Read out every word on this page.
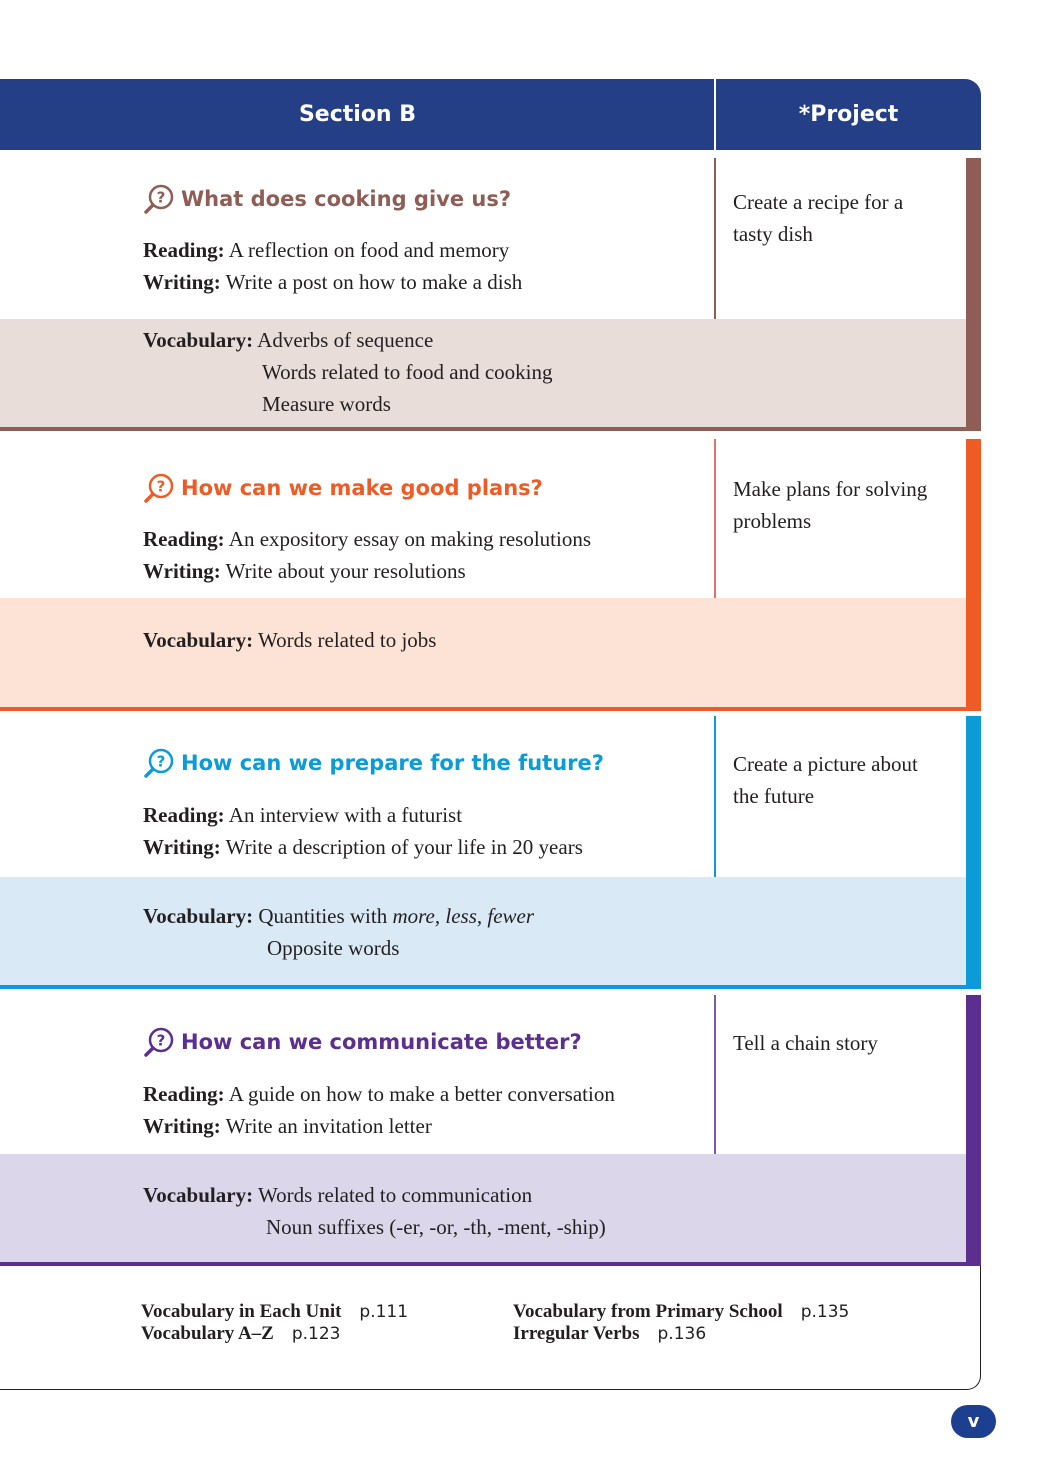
Section B	*Project
? What does cooking give us?
Reading: A reflection on food and memory
Writing: Write a post on how to make a dish
Create a recipe for a
tasty dish
Vocabulary: Adverbs of sequence
Words related to food and cooking
Measure words
? How can we make good plans?
Reading: An expository essay on making resolutions
Writing: Write about your resolutions
Make plans for solving
problems
Vocabulary: Words related to jobs
? How can we prepare for the future?
Reading: An interview with a futurist
Writing: Write a description of your life in 20 years
Create a picture about
the future
Vocabulary: Quantities with more, less, fewer
Opposite words
? How can we communicate better?
Reading: A guide on how to make a better conversation
Writing: Write an invitation letter
Tell a chain story
Vocabulary: Words related to communication
Noun suffixes (-er, -or, -th, -ment, -ship)
Vocabulary in Each Unit p.111
Vocabulary A–Z p.123
Vocabulary from Primary School p.135
Irregular Verbs p.136
v
